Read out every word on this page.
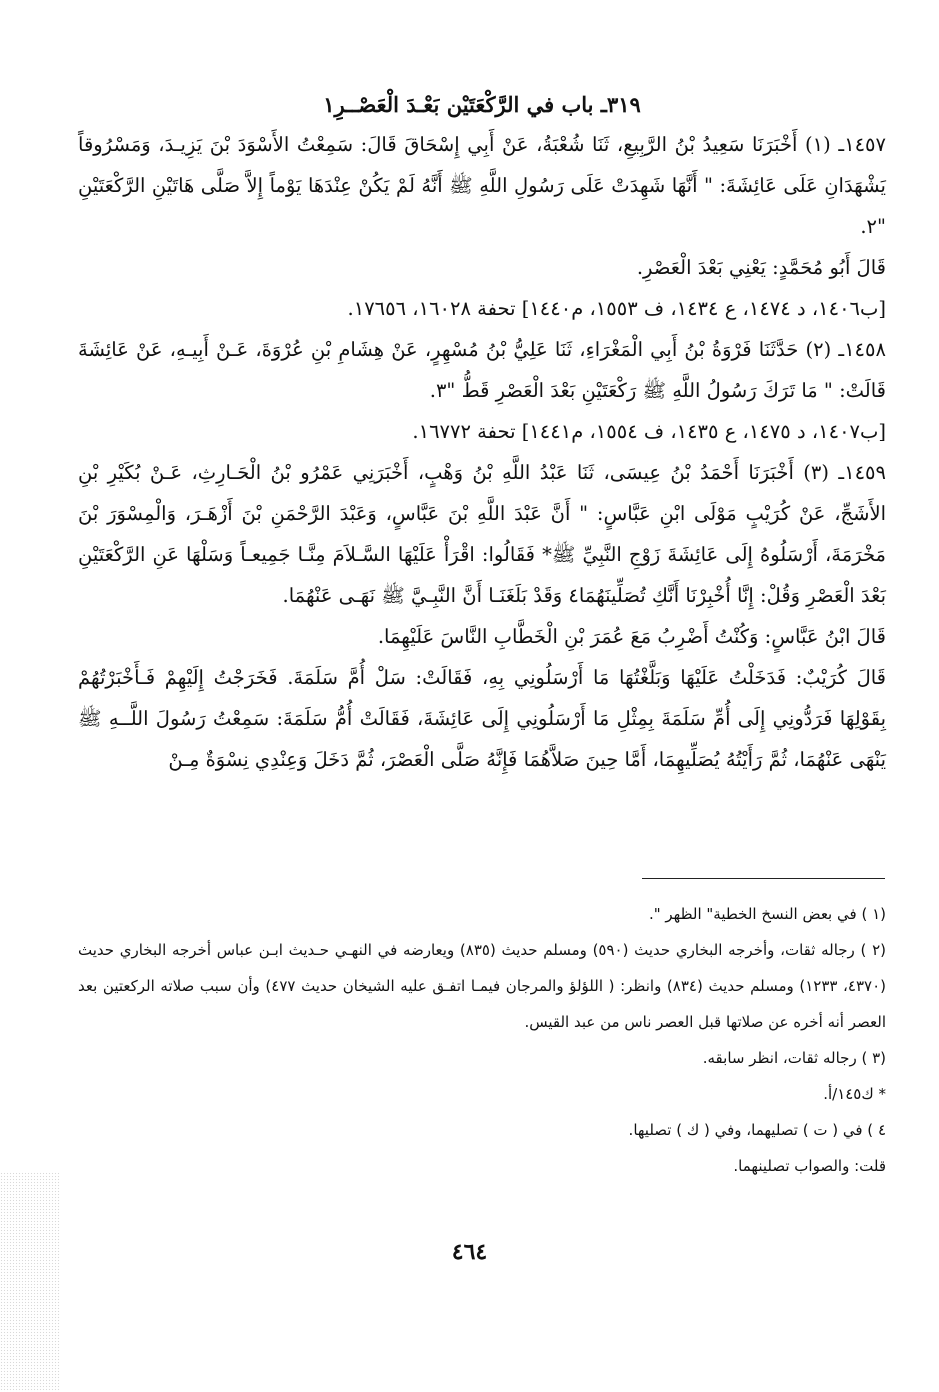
٣١٩ـ باب في الرَّكْعَتَيْن بَعْـدَ الْعَصْــرِ١

١٤٥٧ـ (١) أَخْبَرَنَا سَعِيدُ بْنُ الرَّبِيعِ، ثَنَا شُعْبَةُ، عَنْ أَبِي إِسْحَاقَ قَالَ: سَمِعْتُ الأَسْوَدَ بْنَ يَزِيـدَ، وَمَسْرُوقاً يَشْهَدَانِ عَلَى عَائِشَةَ: " أَنَّهَا شَهِدَتْ عَلَى رَسُولِ اللَّهِ ﷺ أَنَّهُ لَمْ يَكُنْ عِنْدَهَا يَوْماً إِلاَّ صَلَّى هَاتَيْنِ الرَّكْعَتَيْنِ "٢.

قَالَ أَبُو مُحَمَّدٍ: يَعْنِي بَعْدَ الْعَصْرِ.

[ب١٤٠٦، د ١٤٧٤، ع ١٤٣٤، ف ١٥٥٣، م١٤٤٠] تحفة ١٦٠٢٨، ١٧٦٥٦.

١٤٥٨ـ (٢) حَدَّثَنَا فَرْوَةُ بْنُ أَبِي الْمَغْرَاءِ، ثَنَا عَلِيُّ بْنُ مُسْهِرٍ، عَنْ هِشَامِ بْنِ عُرْوَةَ، عَـنْ أَبِيـهِ، عَنْ عَائِشَةَ قَالَتْ: " مَا تَرَكَ رَسُولُ اللَّهِ ﷺ رَكْعَتَيْنِ بَعْدَ الْعَصْرِ قَطُّ "٣.

[ب١٤٠٧، د ١٤٧٥، ع ١٤٣٥، ف ١٥٥٤، م١٤٤١] تحفة ١٦٧٧٢.

١٤٥٩ـ (٣) أَخْبَرَنَا أَحْمَدُ بْنُ عِيسَى، ثَنَا عَبْدُ اللَّهِ بْنُ وَهْبٍ، أَخْبَرَنِي عَمْرُو بْنُ الْحَـارِثِ، عَـنْ بُكَيْرِ بْنِ الأَشَجِّ، عَنْ كُرَيْبٍ مَوْلَى ابْنِ عَبَّاسٍ: " أَنَّ عَبْدَ اللَّهِ بْنَ عَبَّاسٍ، وَعَبْدَ الرَّحْمَنِ بْنَ أَزْهَـرَ، وَالْمِسْوَرَ بْنَ مَخْرَمَةَ، أَرْسَلُوهُ إِلَى عَائِشَةَ زَوْجِ النَّبِيِّ ﷺ* فَقَالُوا: اقْرَأْ عَلَيْهَا السَّـلاَمَ مِنَّـا جَمِيعـاً وَسَلْهَا عَنِ الرَّكْعَتَيْنِ بَعْدَ الْعَصْرِ وَقُلْ: إِنَّا أُخْبِرْنَا أَنَّكِ تُصَلِّينَهُمَا٤ وَقَدْ بَلَغَنَـا أَنَّ النَّبِـيَّ ﷺ نَهَـى عَنْهُمَا.

قَالَ ابْنُ عَبَّاسٍ: وَكُنْتُ أَضْرِبُ مَعَ عُمَرَ بْنِ الْخَطَّابِ النَّاسَ عَلَيْهِمَا.

قَالَ كُرَيْبٌ: فَدَخَلْتُ عَلَيْهَا وَبَلَّغْتُهَا مَا أَرْسَلُونِي بِهِ، فَقَالَتْ: سَلْ أُمَّ سَلَمَةَ. فَخَرَجْتُ إِلَيْهِمْ فَـأَخْبَرْتُهُمْ بِقَوْلِهَا فَرَدُّونِي إِلَى أُمِّ سَلَمَةَ بِمِثْلِ مَا أَرْسَلُونِي إِلَى عَائِشَةَ، فَقَالَتْ أُمُّ سَلَمَةَ: سَمِعْتُ رَسُولَ اللَّــهِ ﷺ يَنْهَى عَنْهُمَا، ثُمَّ رَأَيْتُهُ يُصَلِّيهِمَا، أَمَّا حِينَ صَلاَّهُمَا فَإِنَّهُ صَلَّى الْعَصْرَ، ثُمَّ دَخَلَ وَعِنْدِي نِسْوَةٌ مِـنْ

(١ ) في بعض النسخ الخطية" الظهر ".

(٢ ) رجاله ثقات، وأخرجه البخاري حديث (٥٩٠) ومسلم حديث (٨٣٥) ويعارضه في النهـي حـديث ابـن عباس أخرجه البخاري حديث (٤٣٧٠، ١٢٣٣) ومسلم حديث (٨٣٤) وانظر: ( اللؤلؤ والمرجان فيمـا اتفـق عليه الشيخان حديث ٤٧٧) وأن سبب صلاته الركعتين بعد العصر أنه أخره عن صلاتها قبل العصر ناس من عبد القيس.

(٣ ) رجاله ثقات، انظر سابقه.

* ك١٤٥/أ.

٤ ) في ( ت ) تصليهما، وفي ( ك ) تصليها.

قلت: والصواب تصلينهما.

٤٦٤
